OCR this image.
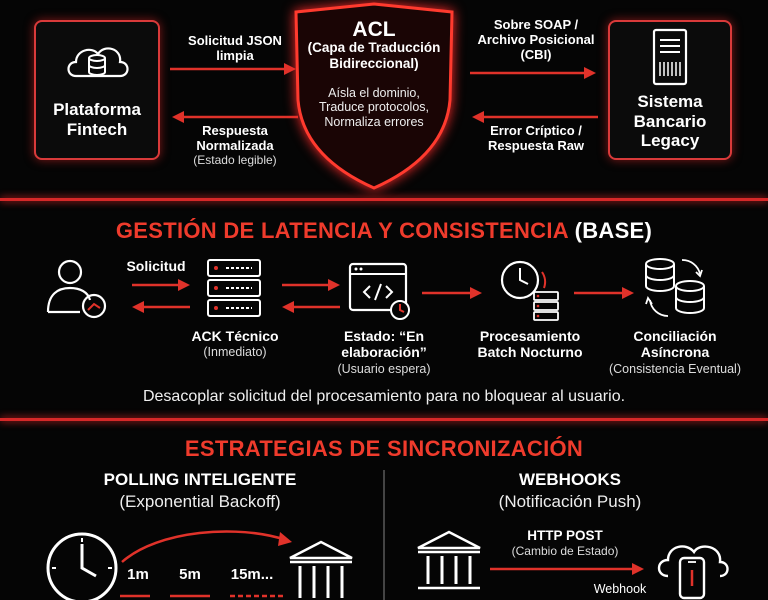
Plataforma Fintech
Solicitud JSON limpia
Respuesta Normalizada
(Estado legible)
ACL
(Capa de Traducción Bidireccional)
Aísla el dominio, Traduce protocolos, Normaliza errores
Sobre SOAP / Archivo Posicional (CBI)
Error Críptico / Respuesta Raw
Sistema Bancario Legacy
GESTIÓN DE LATENCIA Y CONSISTENCIA (BASE)
Solicitud
ACK Técnico
(Inmediato)
Estado: “En elaboración”
(Usuario espera)
Procesamiento Batch Nocturno
Conciliación Asíncrona
(Consistencia Eventual)
Desacoplar solicitud del procesamiento para no bloquear al usuario.
ESTRATEGIAS DE SINCRONIZACIÓN
POLLING INTELIGENTE
(Exponential Backoff)
1m	5m	15m...
WEBHOOKS
(Notificación Push)
HTTP POST
(Cambio de Estado)
Webhook
